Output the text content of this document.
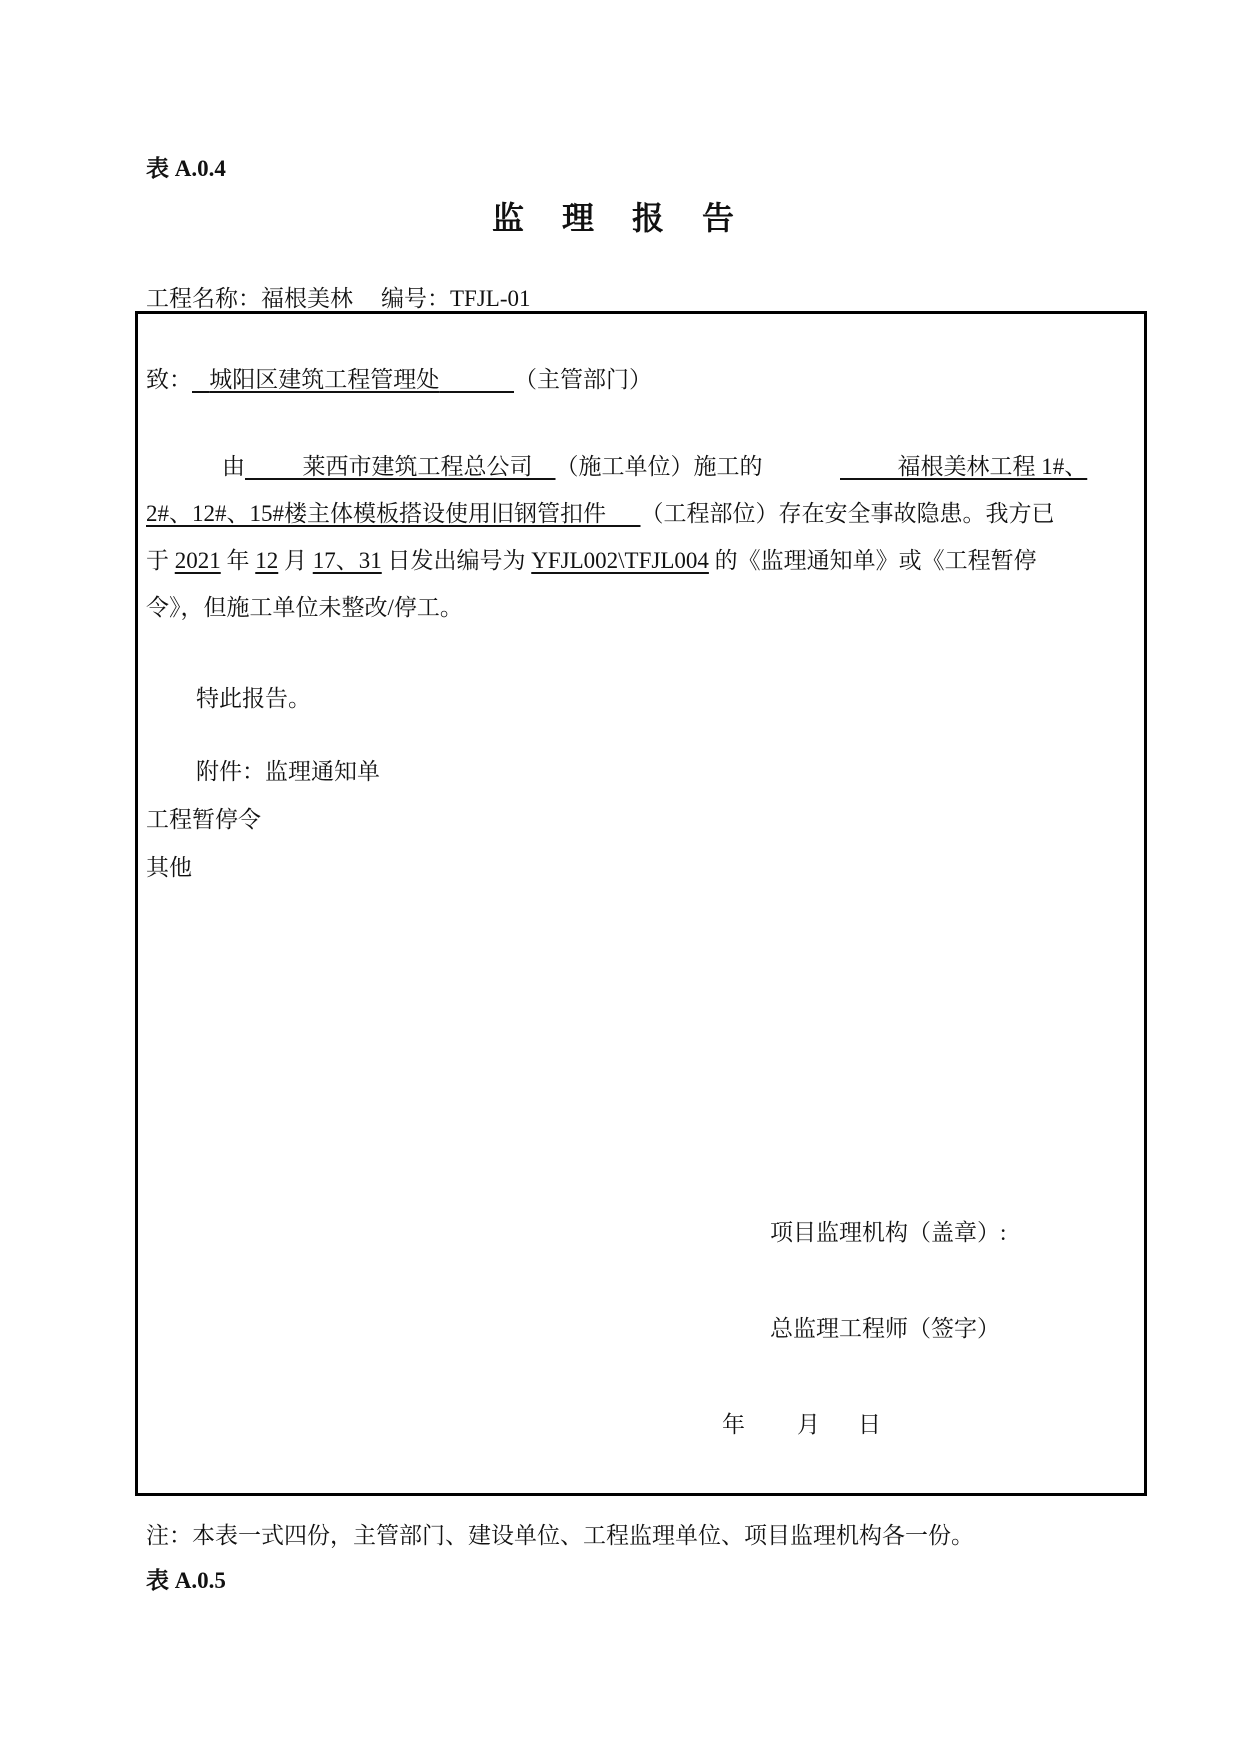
表 A.0.4
监 理 报 告
工程名称：福根美林 编号：TFJL-01
致： 城阳区建筑工程管理处	（主管部门）
由	莱西市建筑工程总公司 （施工单位）施工的	福根美林工程 1#、
2#、12#、15#楼主体模板搭设使用旧钢管扣件 （工程部位）存在安全事故隐患。我方已
于 2021 年 12 月 17、31 日发出编号为 YFJL002\TFJL004 的《监理通知单》或《工程暂停
令》，但施工单位未整改/停工。
特此报告。
附件：监理通知单
工程暂停令
其他
项目监理机构（盖章）:
总监理工程师（签字）
年 月 日
注：本表一式四份，主管部门、建设单位、工程监理单位、项目监理机构各一份。
表 A.0.5
